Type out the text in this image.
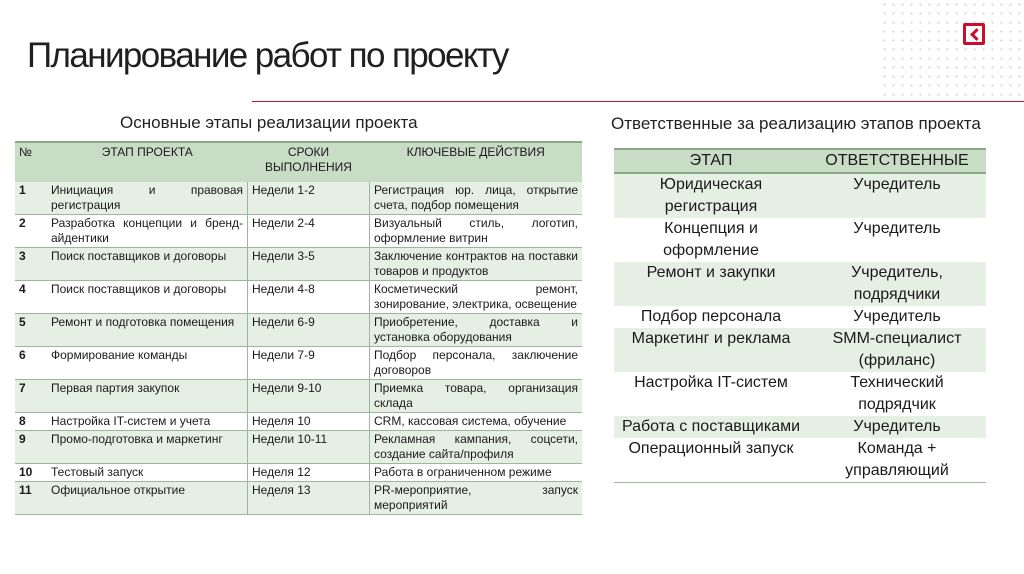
Планирование работ по проекту
Основные этапы реализации проекта	Ответственные за реализацию этапов проекта
№	ЭТАП ПРОЕКТА	СРОКИ ВЫПОЛНЕНИЯ	КЛЮЧЕВЫЕ ДЕЙСТВИЯ
1	Инициация и правовая регистрация	Недели 1-2	Регистрация юр. лица, открытие счета, подбор помещения
2	Разработка концепции и бренд-айдентики	Недели 2-4	Визуальный стиль, логотип, оформление витрин
3	Поиск поставщиков и договоры	Недели 3-5	Заключение контрактов на поставки товаров и продуктов
4	Поиск поставщиков и договоры	Недели 4-8	Косметический ремонт, зонирование, электрика, освещение
5	Ремонт и подготовка помещения	Недели 6-9	Приобретение, доставка и установка оборудования
6	Формирование команды	Недели 7-9	Подбор персонала, заключение договоров
7	Первая партия закупок	Недели 9-10	Приемка товара, организация склада
8	Настройка IT-систем и учета	Неделя 10	CRM, кассовая система, обучение
9	Промо-подготовка и маркетинг	Недели 10-11	Рекламная кампания, соцсети, создание сайта/профиля
10	Тестовый запуск	Неделя 12	Работа в ограниченном режиме
11	Официальное открытие	Неделя 13	PR-мероприятие, запуск мероприятий
ЭТАП	ОТВЕТСТВЕННЫЕ
Юридическая регистрация	Учредитель
Концепция и оформление	Учредитель
Ремонт и закупки	Учредитель, подрядчики
Подбор персонала	Учредитель
Маркетинг и реклама	SMM-специалист (фриланс)
Настройка IT-систем	Технический подрядчик
Работа с поставщиками	Учредитель
Операционный запуск	Команда + управляющий
